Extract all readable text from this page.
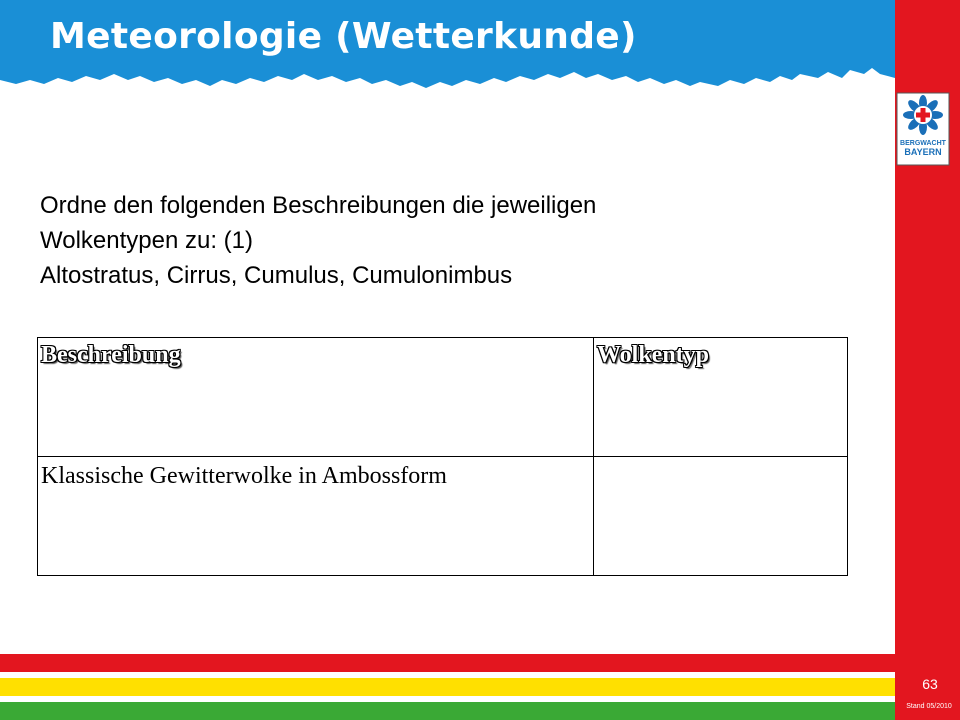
Meteorologie (Wetterkunde)
BERGWACHT
BAYERN
Ordne den folgenden Beschreibungen die jeweiligen
Wolkentypen zu: (1)
Altostratus, Cirrus, Cumulus, Cumulonimbus
Beschreibung	Wolkentyp

Klassische Gewitterwolke in Ambossform	

63
Stand 05/2010
